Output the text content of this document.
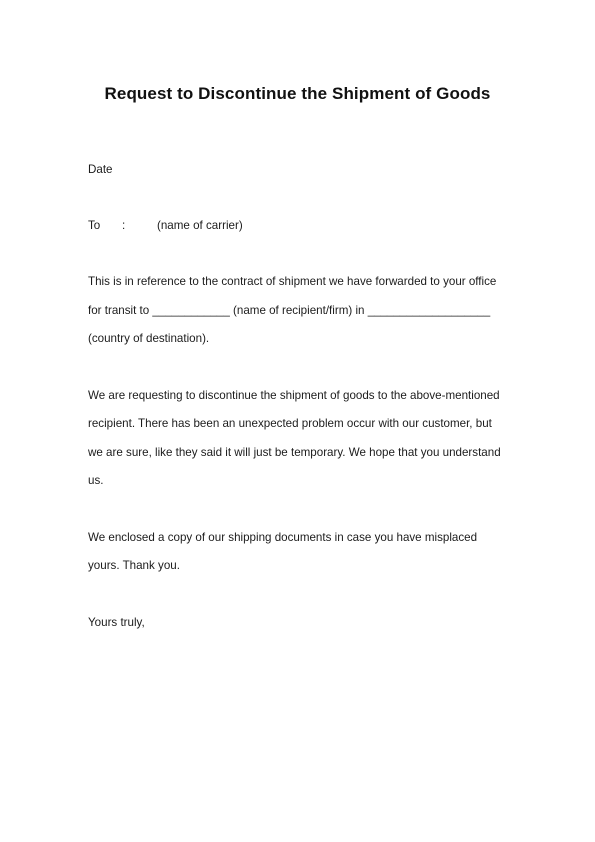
Request to Discontinue the Shipment of Goods
Date
To :	(name of carrier)
This is in reference to the contract of shipment we have forwarded to your office
for transit to ____________ (name of recipient/firm) in ___________________
(country of destination).
We are requesting to discontinue the shipment of goods to the above-mentioned
recipient. There has been an unexpected problem occur with our customer, but
we are sure, like they said it will just be temporary. We hope that you understand
us.
We enclosed a copy of our shipping documents in case you have misplaced
yours. Thank you.
Yours truly,
